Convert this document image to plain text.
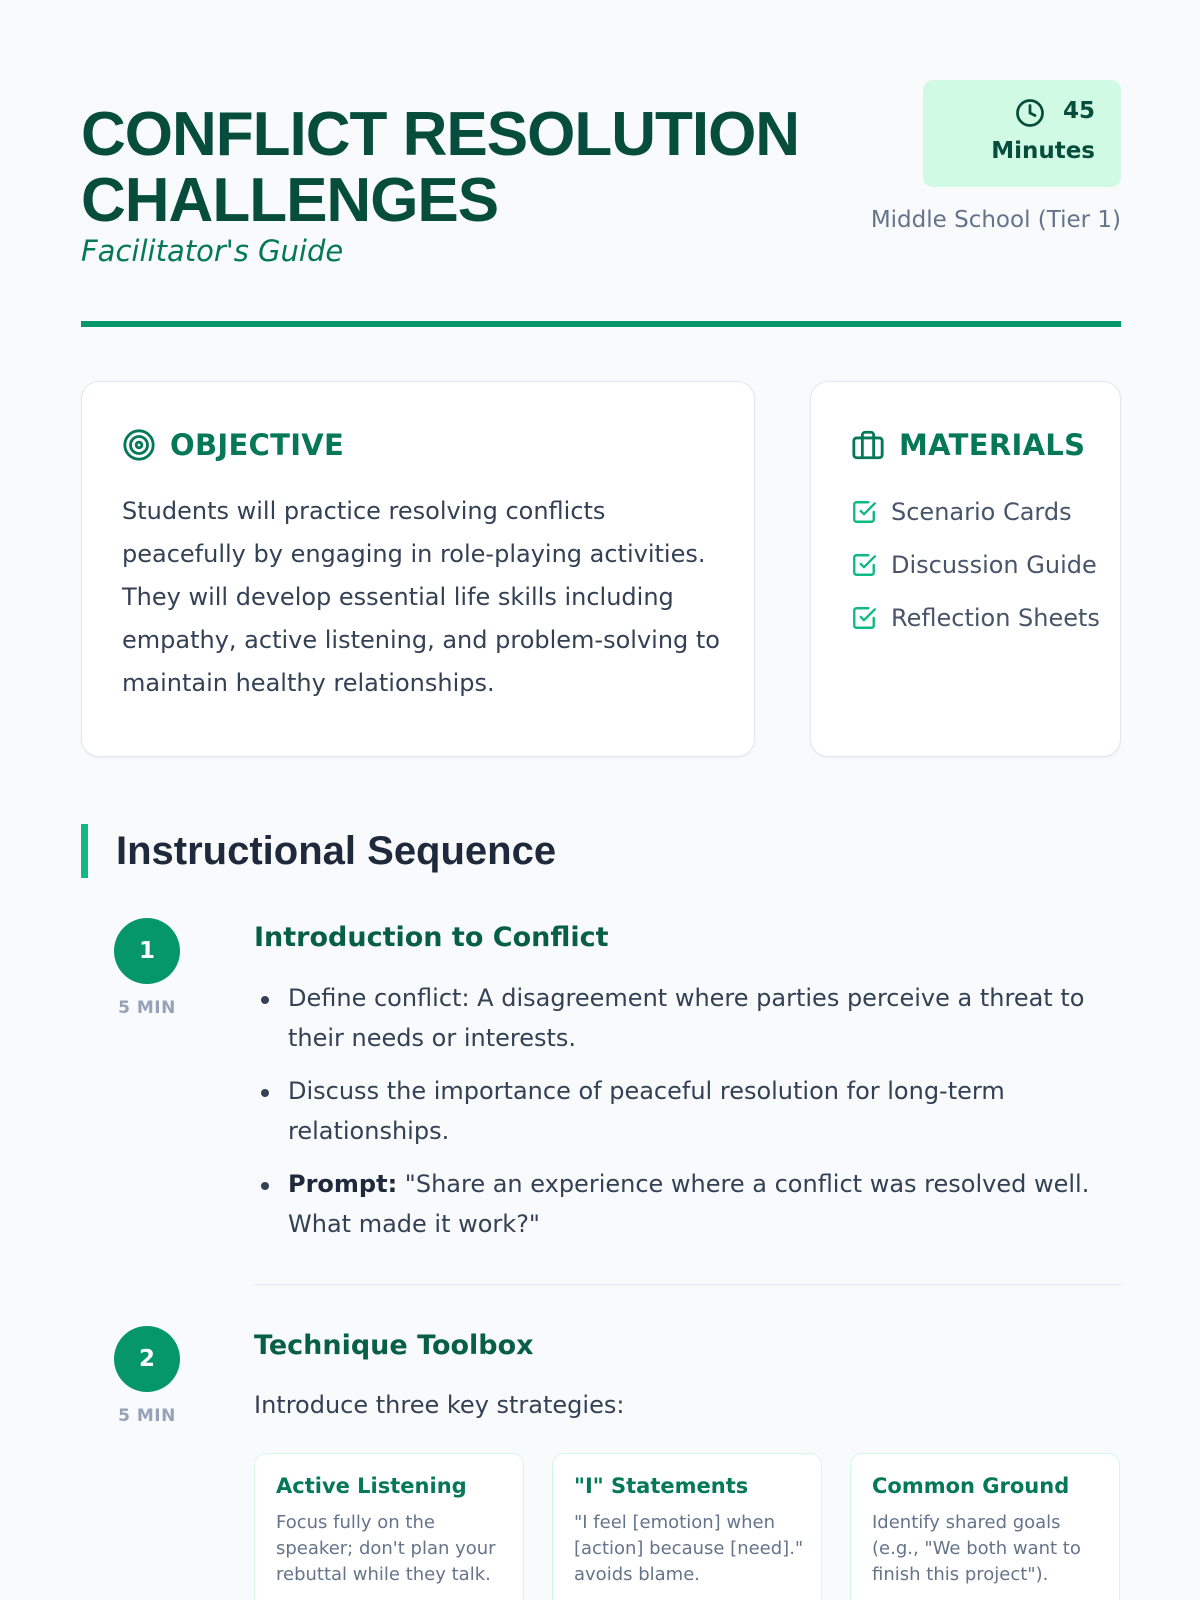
CONFLICT RESOLUTION CHALLENGES
Facilitator's Guide
45
Minutes
Middle School (Tier 1)
OBJECTIVE

Students will practice resolving conflicts peacefully by engaging in role-playing activities. They will develop essential life skills including empathy, active listening, and problem-solving to maintain healthy relationships.

MATERIALS
Scenario Cards
Discussion Guide
Reflection Sheets
Instructional Sequence
1
5 MIN
Introduction to Conflict
Define conflict: A disagreement where parties perceive a threat to their needs or interests.
Discuss the importance of peaceful resolution for long-term relationships.
Prompt: "Share an experience where a conflict was resolved well. What made it work?"
2
5 MIN
Technique Toolbox
Introduce three key strategies:
Active Listening

Focus fully on the speaker; don't plan your rebuttal while they talk.

"I" Statements

"I feel [emotion] when [action] because [need]." avoids blame.

Common Ground

Identify shared goals (e.g., "We both want to finish this project").
